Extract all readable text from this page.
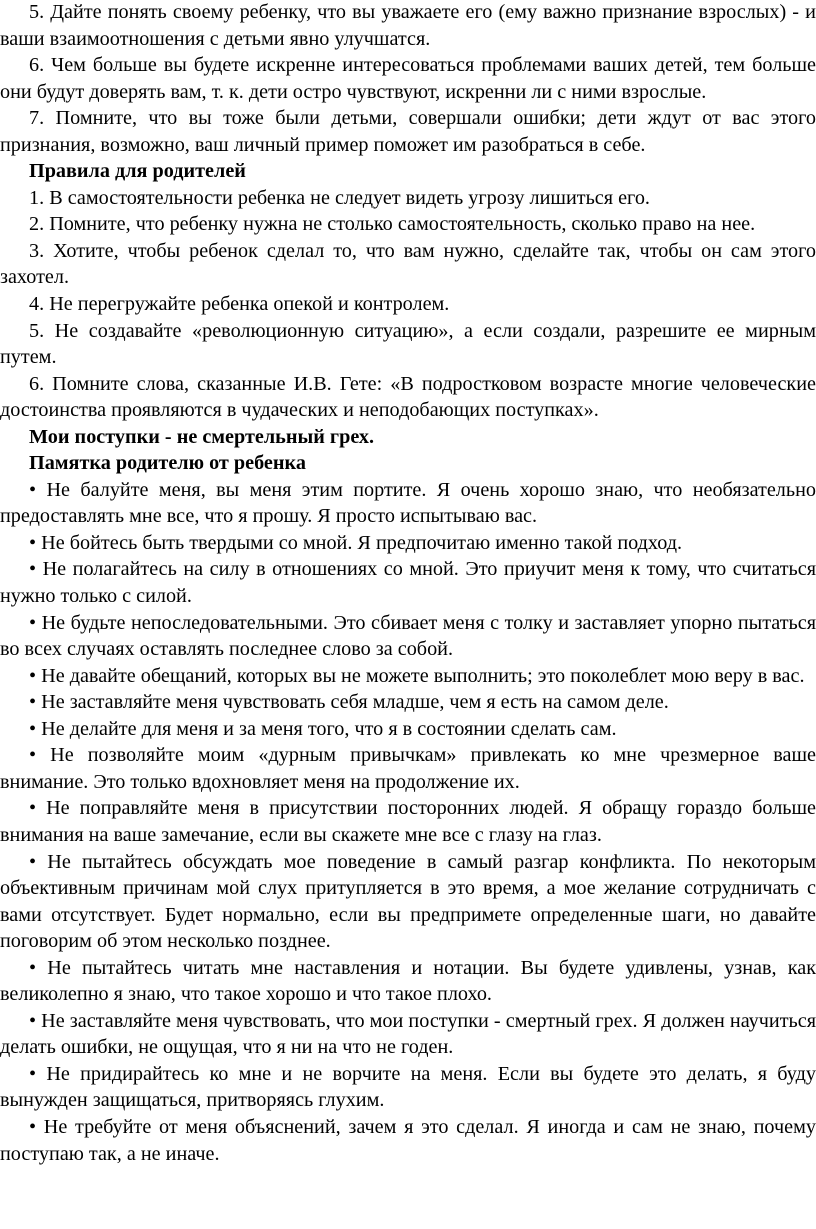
5. Дайте понять своему ребенку, что вы уважаете его (ему важно признание взрослых) - и ваши взаимоотношения с детьми явно улучшатся.

6. Чем больше вы будете искренне интересоваться проблемами ваших детей, тем больше они будут доверять вам, т. к. дети остро чувствуют, искренни ли с ними взрослые.

7. Помните, что вы тоже были детьми, совершали ошибки; дети ждут от вас этого признания, возможно, ваш личный пример поможет им разобраться в себе.

Правила для родителей

1. В самостоятельности ребенка не следует видеть угрозу лишиться его.

2. Помните, что ребенку нужна не столько самостоятельность, сколько право на нее.

3. Хотите, чтобы ребенок сделал то, что вам нужно, сделайте так, чтобы он сам этого захотел.

4. Не перегружайте ребенка опекой и контролем.

5. Не создавайте «революционную ситуацию», а если создали, разрешите ее мирным путем.

6. Помните слова, сказанные И.В. Гете: «В подростковом возрасте многие человеческие достоинства проявляются в чудаческих и неподобающих поступках».

Мои поступки - не смертельный грех.

Памятка родителю от ребенка

• Не балуйте меня, вы меня этим портите. Я очень хорошо знаю, что необязательно предоставлять мне все, что я прошу. Я просто испытываю вас.

• Не бойтесь быть твердыми со мной. Я предпочитаю именно такой подход.

• Не полагайтесь на силу в отношениях со мной. Это приучит меня к тому, что считаться нужно только с силой.

• Не будьте непоследовательными. Это сбивает меня с толку и заставляет упорно пытаться во всех случаях оставлять последнее слово за собой.

• Не давайте обещаний, которых вы не можете выполнить; это поколеблет мою веру в вас.

• Не заставляйте меня чувствовать себя младше, чем я есть на самом деле.

• Не делайте для меня и за меня того, что я в состоянии сделать сам.

• Не позволяйте моим «дурным привычкам» привлекать ко мне чрезмерное ваше внимание. Это только вдохновляет меня на продолжение их.

• Не поправляйте меня в присутствии посторонних людей. Я обращу гораздо больше внимания на ваше замечание, если вы скажете мне все с глазу на глаз.

• Не пытайтесь обсуждать мое поведение в самый разгар конфликта. По некоторым объективным причинам мой слух притупляется в это время, а мое желание сотрудничать с вами отсутствует. Будет нормально, если вы предпримете определенные шаги, но давайте поговорим об этом несколько позднее.

• Не пытайтесь читать мне наставления и нотации. Вы будете удивлены, узнав, как великолепно я знаю, что такое хорошо и что такое плохо.

• Не заставляйте меня чувствовать, что мои поступки - смертный грех. Я должен научиться делать ошибки, не ощущая, что я ни на что не годен.

• Не придирайтесь ко мне и не ворчите на меня. Если вы будете это делать, я буду вынужден защищаться, притворяясь глухим.

• Не требуйте от меня объяснений, зачем я это сделал. Я иногда и сам не знаю, почему поступаю так, а не иначе.
